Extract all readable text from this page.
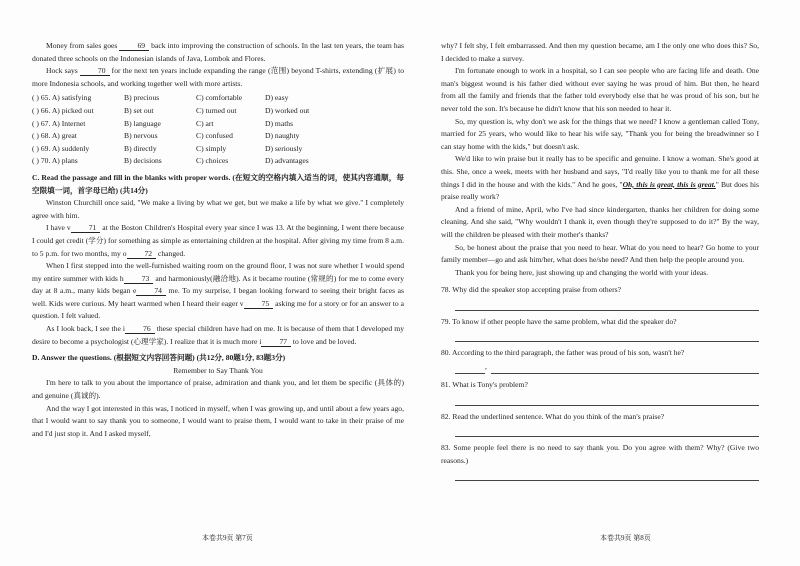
Money from sales goes 69 back into improving the construction of schools. In the last ten years, the team has donated three schools on the Indonesian islands of Java, Lombok and Flores.

Hock says 70 for the next ten years include expanding the range (范围) beyond T-shirts, extending (扩展) to more Indonesia schools, and working together well with more artists.

( ) 65. A) satisfying	B) precious	C) comfortable	D) easy
( ) 66. A) picked out	B) set out	C) turned out	D) worked out
( ) 67. A) Internet	B) language	C) art	D) maths
( ) 68. A) great	B) nervous	C) confused	D) naughty
( ) 69. A) suddenly	B) directly	C) simply	D) seriously
( ) 70. A) plans	B) decisions	C) choices	D) advantages

C. Read the passage and fill in the blanks with proper words. (在短文的空格内填入适当的词，使其内容通顺，每空限填一词，首字母已给) (共14分)

Winston Churchill once said, "We make a living by what we get, but we make a life by what we give." I completely agree with him.

I have v 71 at the Boston Children's Hospital every year since I was 13. At the beginning, I went there because I could get credit (学分) for something as simple as entertaining children at the hospital. After giving my time from 8 a.m. to 5 p.m. for two months, my o 72 changed.

When I first stepped into the well-furnished waiting room on the ground floor, I was not sure whether I would spend my entire summer with kids h 73 and harmoniously(融洽地). As it became routine (常规的) for me to come every day at 8 a.m., many kids began e 74 me. To my surprise, I began looking forward to seeing their bright faces as well. Kids were curious. My heart warmed when I heard their eager v 75 asking me for a story or for an answer to a question. I felt valued.

As I look back, I see the i 76 these special children have had on me. It is because of them that I developed my desire to become a psychologist (心理学家). I realize that it is much more i 77 to love and be loved.

D. Answer the questions. (根据短文内容回答问题) (共12分, 80题1分, 83题3分)

Remember to Say Thank You

I'm here to talk to you about the importance of praise, admiration and thank you, and let them be specific (具体的) and genuine (真诚的).

And the way I got interested in this was, I noticed in myself, when I was growing up, and until about a few years ago, that I would want to say thank you to someone, I would want to praise them, I would want to take in their praise of me and I'd just stop it. And I asked myself,

why? I felt shy, I felt embarrassed. And then my question became, am I the only one who does this? So, I decided to make a survey.

I'm fortunate enough to work in a hospital, so I can see people who are facing life and death. One man's biggest wound is his father died without ever saying he was proud of him. But then, he heard from all the family and friends that the father told everybody else that he was proud of his son, but he never told the son. It's because he didn't know that his son needed to hear it.

So, my question is, why don't we ask for the things that we need? I know a gentleman called Tony, married for 25 years, who would like to hear his wife say, "Thank you for being the breadwinner so I can stay home with the kids," but doesn't ask.

We'd like to win praise but it really has to be specific and genuine. I know a woman. She's good at this. She, once a week, meets with her husband and says, "I'd really like you to thank me for all these things I did in the house and with the kids." And he goes, "Oh, this is great, this is great." But does his praise really work?

And a friend of mine, April, who I've had since kindergarten, thanks her children for doing some cleaning. And she said, "Why wouldn't I thank it, even though they're supposed to do it?" By the way, will the children be pleased with their mother's thanks?

So, be honest about the praise that you need to hear. What do you need to hear? Go home to your family member—go and ask him/her, what does he/she need? And then help the people around you.

Thank you for being here, just showing up and changing the world with your ideas.

78. Why did the speaker stop accepting praise from others?

79. To know if other people have the same problem, what did the speaker do?

80. According to the third paragraph, the father was proud of his son, wasn't he?

,

81. What is Tony's problem?

82. Read the underlined sentence. What do you think of the man's praise?

83. Some people feel there is no need to say thank you. Do you agree with them? Why? (Give two reasons.)

本卷共9页 第7页	本卷共9页 第8页
